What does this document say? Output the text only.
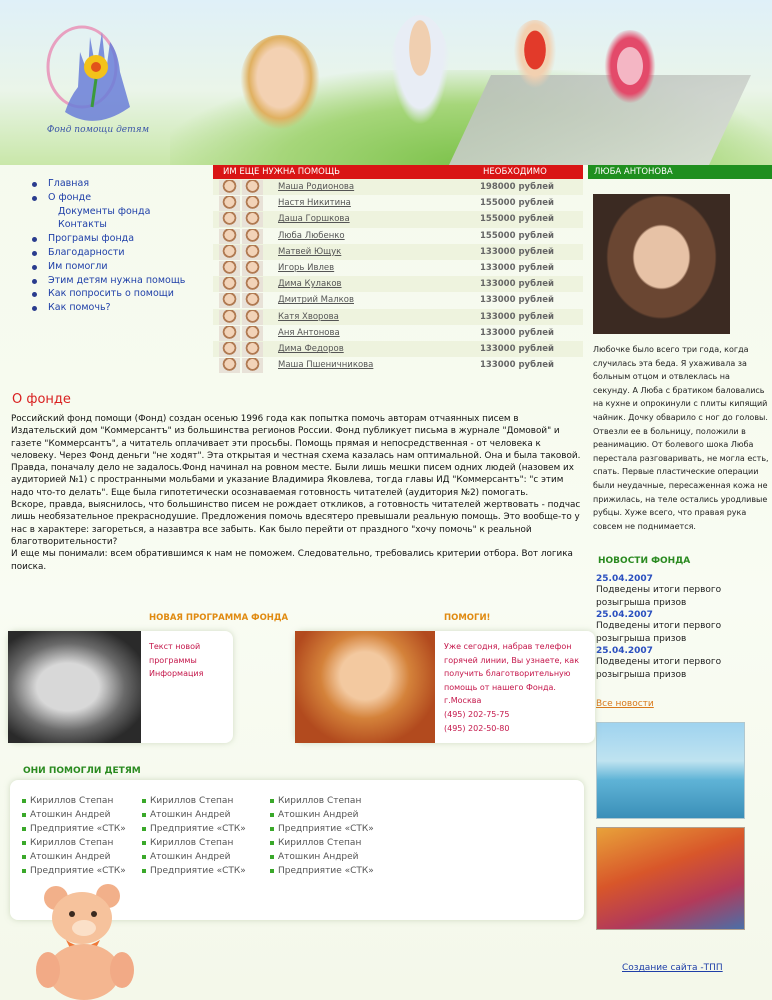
Фонд помощи детям
Главная
О фонде
Документы фонда
Контакты
Програмы фонда
Благодарности
Им помогли
Этим детям нужна помощь
Как попросить о помощи
Как помочь?
ИМ ЕЩЕ НУЖНА ПОМОЩЬ	НЕОБХОДИМО
Маша Родионова	198000 рублей
Настя Никитина	155000 рублей
Даша Горшкова	155000 рублей
Люба Любенко	155000 рублей
Матвей Ющук	133000 рублей
Игорь Ивлев	133000 рублей
Дима Кулаков	133000 рублей
Дмитрий Малков	133000 рублей
Катя Хворова	133000 рублей
Аня Антонова	133000 рублей
Дима Федоров	133000 рублей
Маша Пшеничникова	133000 рублей
ЛЮБА АНТОНОВА
Любочке было всего три года, когда случилась эта беда. Я ухаживала за больным отцом и отвлеклась на секунду. А Люба с братиком баловались на кухне и опрокинули с плиты кипящий чайник. Дочку обварило с ног до головы. Отвезли ее в больницу, положили в реанимацию. От болевого шока Люба перестала разговаривать, не могла есть, спать. Первые пластические операции были неудачные, пересаженная кожа не прижилась, на теле остались уродливые рубцы. Хуже всего, что правая рука совсем не поднимается.
НОВОСТИ ФОНДА
25.04.2007
Подведены итоги первого розыгрыша призов
25.04.2007
Подведены итоги первого розыгрыша призов
25.04.2007
Подведены итоги первого розыгрыша призов
Все новости
Создание сайта -ТПП
О фонде

Российский фонд помощи (Фонд) создан осенью 1996 года как попытка помочь авторам отчаянных писем в Издательский дом "Коммерсантъ" из большинства регионов России. Фонд публикует письма в журнале "Домовой" и газете "Коммерсантъ", а читатель оплачивает эти просьбы. Помощь прямая и непосредственная - от человека к человеку. Через Фонд деньги "не ходят". Эта открытая и честная схема казалась нам оптимальной. Она и была таковой. Правда, поначалу дело не задалось.Фонд начинал на ровном месте. Были лишь мешки писем одних людей (назовем их аудиторией №1) с пространными мольбами и указание Владимира Яковлева, тогда главы ИД "Коммерсантъ": "с этим надо что-то делать". Еще была гипотетически осознаваемая готовность читателей (аудитория №2) помогать.

Вскоре, правда, выяснилось, что большинство писем не рождает откликов, а готовность читателей жертвовать - подчас лишь необязательное прекраснодушие. Предложения помочь вдесятеро превышали реальную помощь. Это вообще-то у нас в характере: загореться, а назавтра все забыть. Как было перейти от праздного "хочу помочь" к реальной благотворительности?

И еще мы понимали: всем обратившимся к нам не поможем. Следовательно, требовались критерии отбора. Вот логика поиска.

НОВАЯ ПРОГРАММА ФОНДА
Текст новой программы
Информация
ПОМОГИ!
Уже сегодня, набрав телефон горячей линии, Вы узнаете, как получить благотворительную помощь от нашего Фонда.
г.Москва
(495) 202-75-75
(495) 202-50-80
ОНИ ПОМОГЛИ ДЕТЯМ
Кириллов Степан
Атошкин Андрей
Предприятие «СТК»
Кириллов Степан
Атошкин Андрей
Предприятие «СТК»
Кириллов Степан
Атошкин Андрей
Предприятие «СТК»
Кириллов Степан
Атошкин Андрей
Предприятие «СТК»
Кириллов Степан
Атошкин Андрей
Предприятие «СТК»
Кириллов Степан
Атошкин Андрей
Предприятие «СТК»
